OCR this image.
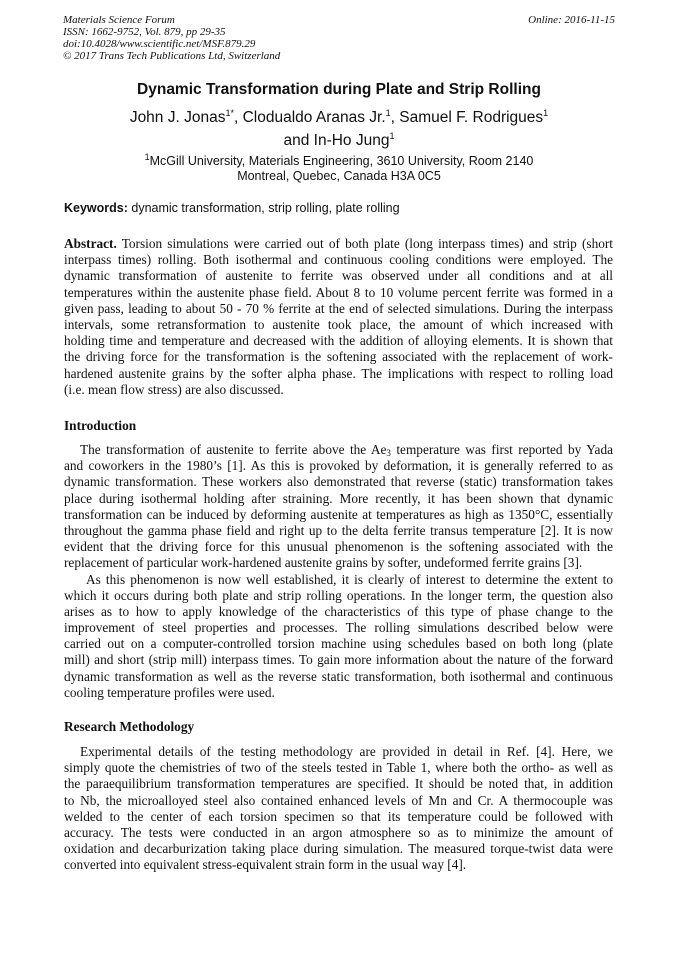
Materials Science Forum
ISSN: 1662-9752, Vol. 879, pp 29-35
doi:10.4028/www.scientific.net/MSF.879.29
© 2017 Trans Tech Publications Ltd, Switzerland
Online: 2016-11-15
Dynamic Transformation during Plate and Strip Rolling
John J. Jonas$^{1*}$, Clodualdo Aranas Jr.$^1$, Samuel F. Rodrigues$^1$
and In-Ho Jung$^1$
$^1$McGill University, Materials Engineering, 3610 University, Room 2140
Montreal, Quebec, Canada H3A 0C5
Keywords: dynamic transformation, strip rolling, plate rolling
Abstract. Torsion simulations were carried out of both plate (long interpass times) and strip (short
interpass times) rolling. Both isothermal and continuous cooling conditions were employed. The
dynamic transformation of austenite to ferrite was observed under all conditions and at all
temperatures within the austenite phase field. About 8 to 10 volume percent ferrite was formed in a
given pass, leading to about 50 - 70 % ferrite at the end of selected simulations. During the interpass
intervals, some retransformation to austenite took place, the amount of which increased with
holding time and temperature and decreased with the addition of alloying elements. It is shown that
the driving force for the transformation is the softening associated with the replacement of work-
hardened austenite grains by the softer alpha phase. The implications with respect to rolling load
(i.e. mean flow stress) are also discussed.
Introduction
The transformation of austenite to ferrite above the $Ae_3$ temperature was first reported by Yada
and coworkers in the 1980’s [1]. As this is provoked by deformation, it is generally referred to as
dynamic transformation. These workers also demonstrated that reverse (static) transformation takes
place during isothermal holding after straining. More recently, it has been shown that dynamic
transformation can be induced by deforming austenite at temperatures as high as 1350°C, essentially
throughout the gamma phase field and right up to the delta ferrite transus temperature [2]. It is now
evident that the driving force for this unusual phenomenon is the softening associated with the
replacement of particular work-hardened austenite grains by softer, undeformed ferrite grains [3].
As this phenomenon is now well established, it is clearly of interest to determine the extent to
which it occurs during both plate and strip rolling operations. In the longer term, the question also
arises as to how to apply knowledge of the characteristics of this type of phase change to the
improvement of steel properties and processes. The rolling simulations described below were
carried out on a computer-controlled torsion machine using schedules based on both long (plate
mill) and short (strip mill) interpass times. To gain more information about the nature of the forward
dynamic transformation as well as the reverse static transformation, both isothermal and continuous
cooling temperature profiles were used.
Research Methodology
Experimental details of the testing methodology are provided in detail in Ref. [4]. Here, we
simply quote the chemistries of two of the steels tested in Table 1, where both the ortho- as well as
the paraequilibrium transformation temperatures are specified. It should be noted that, in addition
to Nb, the microalloyed steel also contained enhanced levels of Mn and Cr. A thermocouple was
welded to the center of each torsion specimen so that its temperature could be followed with
accuracy. The tests were conducted in an argon atmosphere so as to minimize the amount of
oxidation and decarburization taking place during simulation. The measured torque-twist data were
converted into equivalent stress-equivalent strain form in the usual way [4].
